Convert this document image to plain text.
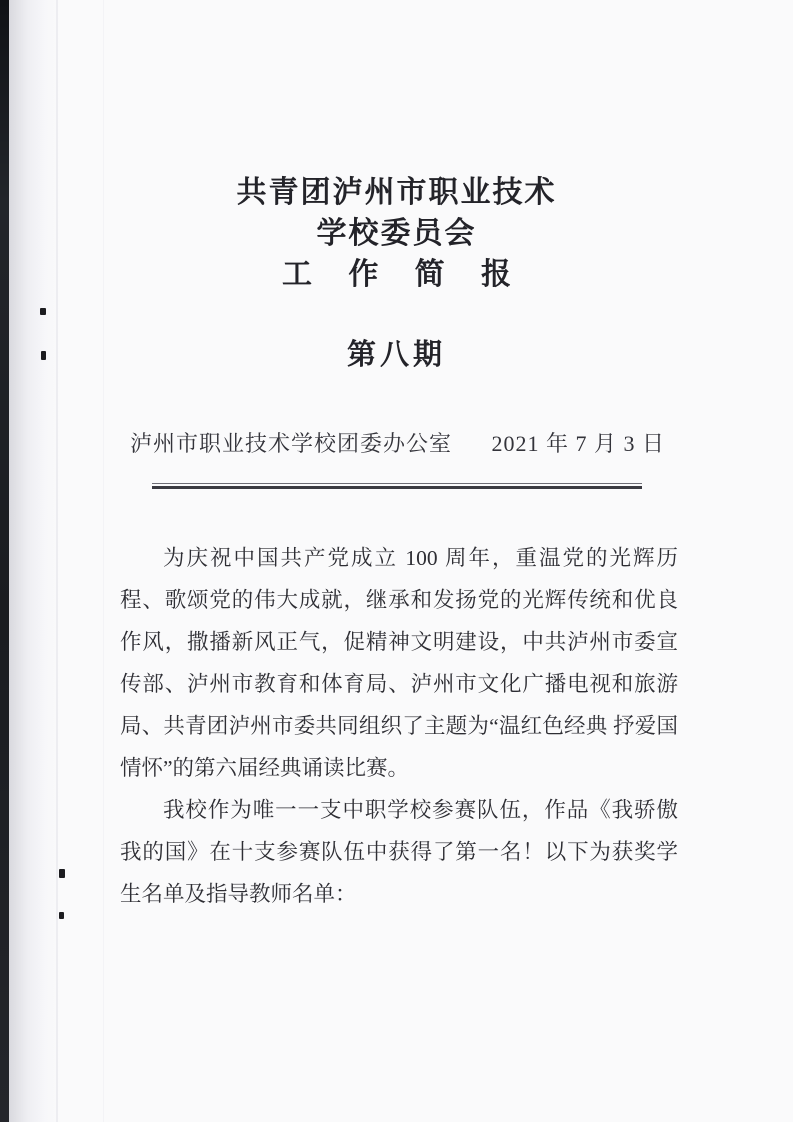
共青团泸州市职业技术
学校委员会
工 作 简 报
第八期
泸州市职业技术学校团委办公室 2021 年 7 月 3 日

为庆祝中国共产党成立 100 周年，重温党的光辉历程、歌颂党的伟大成就，继承和发扬党的光辉传统和优良作风，撒播新风正气，促精神文明建设，中共泸州市委宣传部、泸州市教育和体育局、泸州市文化广播电视和旅游局、共青团泸州市委共同组织了主题为“温红色经典 抒爱国情怀”的第六届经典诵读比赛。

我校作为唯一一支中职学校参赛队伍，作品《我骄傲我的国》在十支参赛队伍中获得了第一名！以下为获奖学生名单及指导教师名单：
